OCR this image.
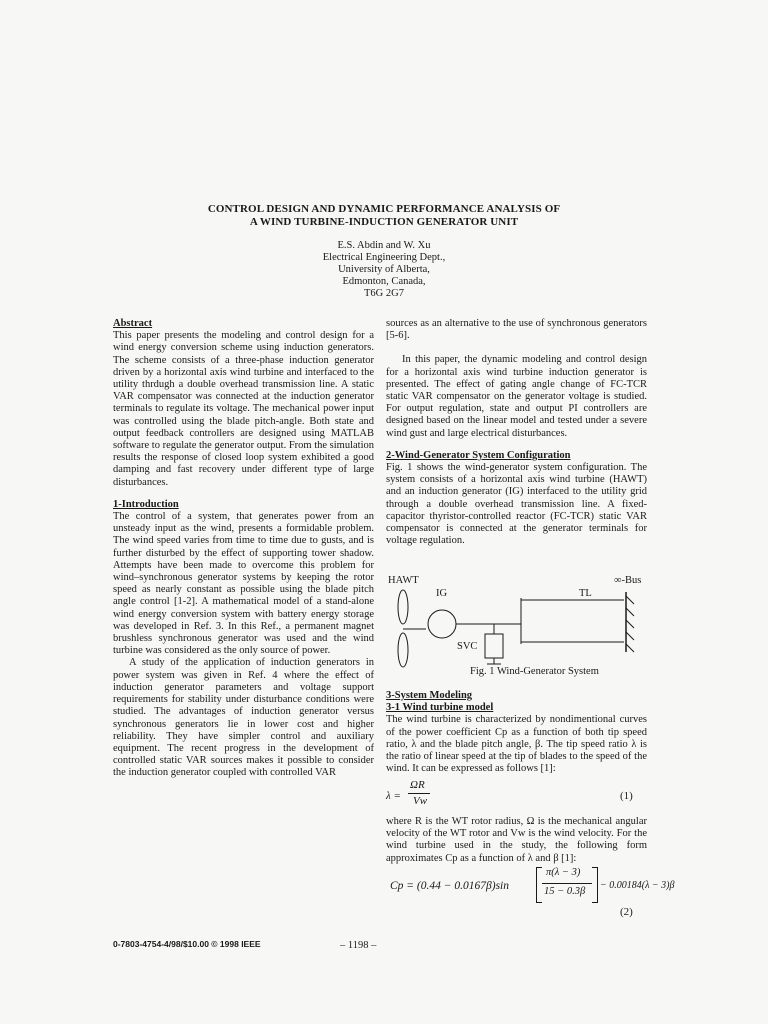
CONTROL DESIGN AND DYNAMIC PERFORMANCE ANALYSIS OF
A WIND TURBINE-INDUCTION GENERATOR UNIT
E.S. Abdin and W. Xu
Electrical Engineering Dept.,
University of Alberta,
Edmonton, Canada,
T6G 2G7

Abstract

This paper presents the modeling and control design for a wind energy conversion scheme using induction generators. The scheme consists of a three-phase induction generator driven by a horizontal axis wind turbine and interfaced to the utility thrdugh a double overhead transmission line. A static VAR compensator was connected at the induction generator terminals to regulate its voltage. The mechanical power input was controlled using the blade pitch-angle. Both state and output feedback controllers are designed using MATLAB software to regulate the generator output. From the simulation results the response of closed loop system exhibited a good damping and fast recovery under different type of large disturbances.

1-Introduction

The control of a system, that generates power from an unsteady input as the wind, presents a formidable problem. The wind speed varies from time to time due to gusts, and is further disturbed by the effect of supporting tower shadow. Attempts have been made to overcome this problem for wind–synchronous generator systems by keeping the rotor speed as nearly constant as possible using the blade pitch angle control [1-2]. A mathematical model of a stand-alone wind energy conversion system with battery energy storage was developed in Ref. 3. In this Ref., a permanent magnet brushless synchronous generator was used and the wind turbine was considered as the only source of power.

A study of the application of induction generators in power system was given in Ref. 4 where the effect of induction generator parameters and voltage support requirements for stability under disturbance conditions were studied. The advantages of induction generator versus synchronous generators lie in lower cost and higher reliability. They have simpler control and auxiliary equipment. The recent progress in the development of controlled static VAR sources makes it possible to consider the induction generator coupled with controlled VAR

sources as an alternative to the use of synchronous generators [5-6].

In this paper, the dynamic modeling and control design for a horizontal axis wind turbine induction generator is presented. The effect of gating angle change of FC-TCR static VAR compensator on the generator voltage is studied. For output regulation, state and output PI controllers are designed based on the linear model and tested under a severe wind gust and large electrical disturbances.

2-Wind-Generator System Configuration

Fig. 1 shows the wind-generator system configuration. The system consists of a horizontal axis wind turbine (HAWT) and an induction generator (IG) interfaced to the utility grid through a double overhead transmission line. A fixed-capacitor thyristor-controlled reactor (FC-TCR) static VAR compensator is connected at the generator terminals for voltage regulation.

HAWT
IG	TL
∞-Bus
SVC
Fig. 1 Wind-Generator System

3-System Modeling

3-1 Wind turbine model

The wind turbine is characterized by nondimentional curves of the power coefficient Cp as a function of both tip speed ratio, λ and the blade pitch angle, β. The tip speed ratio λ is the ratio of linear speed at the tip of blades to the speed of the wind. It can be expressed as follows [1]:

λ =
ΩR
Vw	(1)

where R is the WT rotor radius, Ω is the mechanical angular velocity of the WT rotor and Vw is the wind velocity. For the wind turbine used in the study, the following form approximates Cp as a function of λ and β [1]:

Cp = (0.44 − 0.0167β)sin
π(λ − 3)
15 − 0.3β
− 0.00184(λ − 3)β
(2)
0-7803-4754-4/98/$10.00 © 1998 IEEE	– 1198 –
